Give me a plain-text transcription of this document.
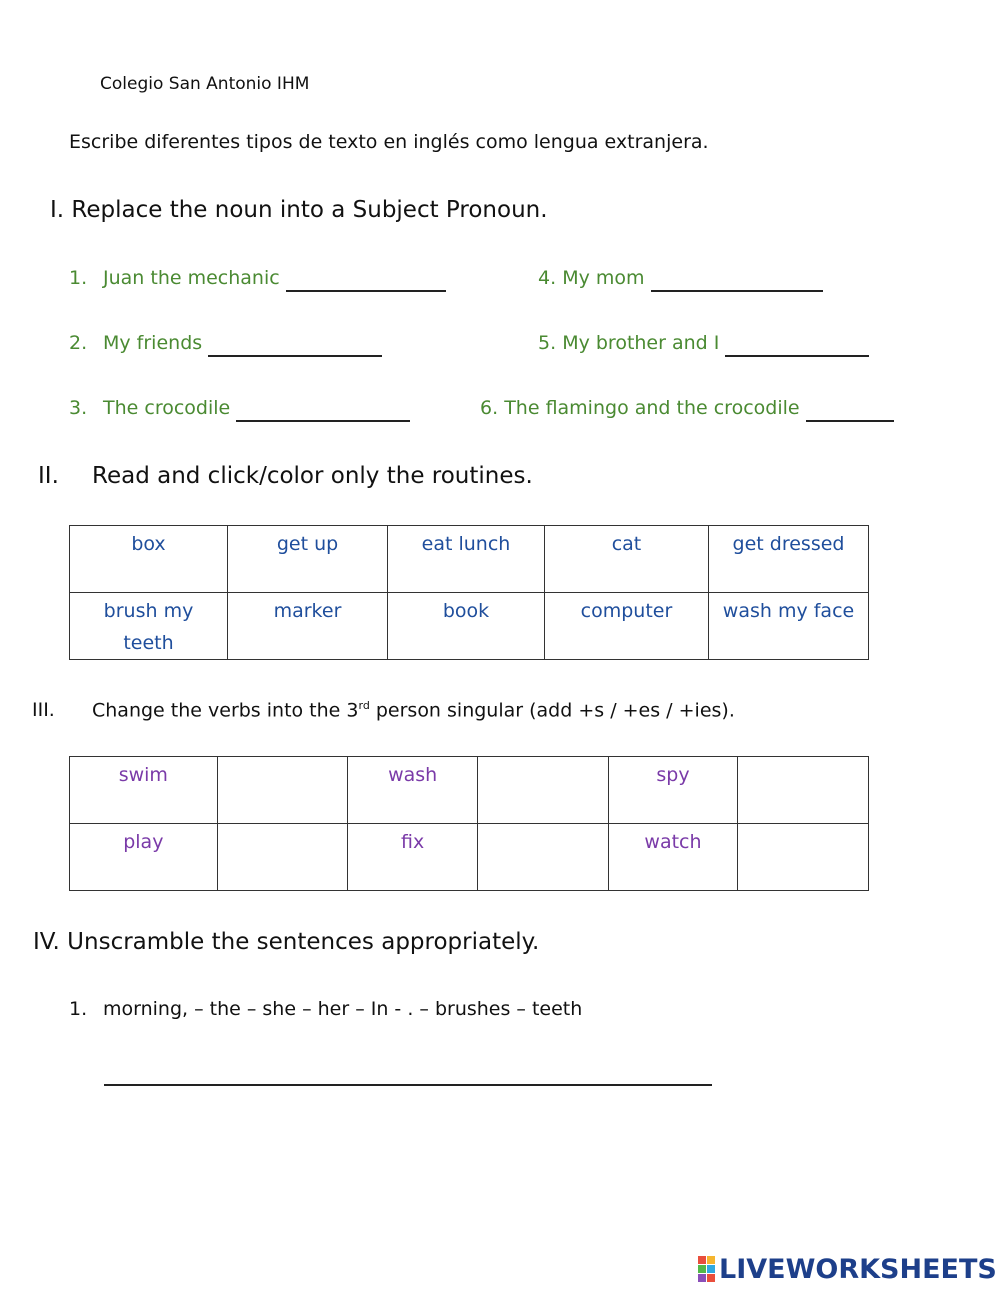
Colegio San Antonio IHM
Escribe diferentes tipos de texto en inglés como lengua extranjera.
I. Replace the noun into a Subject Pronoun.
1. Juan the mechanic
2. My friends
3. The crocodile
4. My mom
5. My brother and I
6. The flamingo and the crocodile
II. Read and click/color only the routines.
box	get up	eat lunch	cat	get dressed
brush my teeth	marker	book	computer	wash my face
III. Change the verbs into the 3rd person singular (add +s / +es / +ies).
swim		wash		spy	
play		fix		watch	
IV. Unscramble the sentences appropriately.
1. morning, – the – she – her – In - . – brushes – teeth
LIVEWORKSHEETS
